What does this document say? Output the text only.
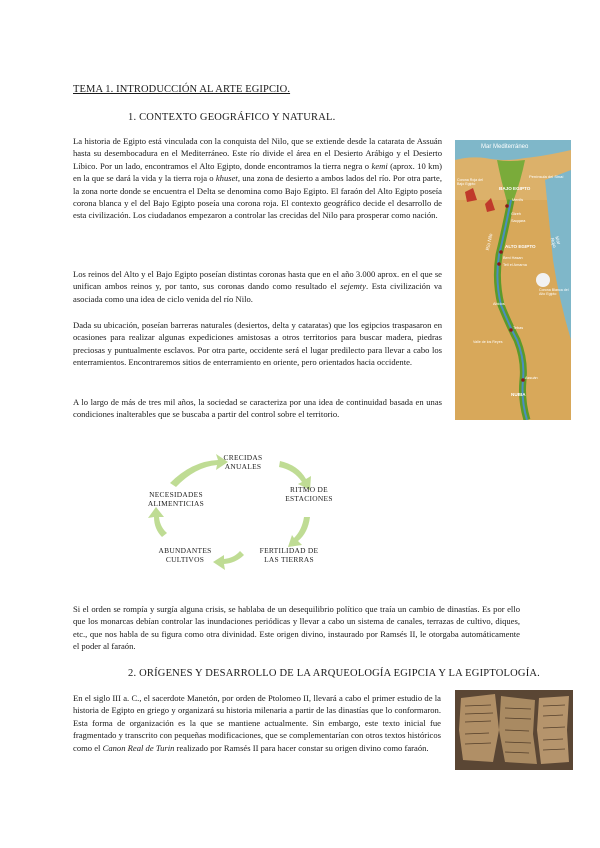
TEMA 1. INTRODUCCIÓN AL ARTE EGIPCIO.
1. CONTEXTO GEOGRÁFICO Y NATURAL.
La historia de Egipto está vinculada con la conquista del Nilo, que se extiende desde la catarata de Assuán hasta su desembocadura en el Mediterráneo. Este río divide el área en el Desierto Arábigo y el Desierto Líbico. Por un lado, encontramos el Alto Egipto, donde encontramos la tierra negra o kemi (aprox. 10 km) en la que se dará la vida y la tierra roja o khuset, una zona de desierto a ambos lados del río. Por otra parte, la zona norte donde se encuentra el Delta se denomina como Bajo Egipto. El faraón del Alto Egipto poseía corona blanca y el del Bajo Egipto poseía una corona roja. El contexto geográfico decide el desarrollo de esta civilización. Los ciudadanos empezaron a controlar las crecidas del Nilo para prosperar como nación.
Los reinos del Alto y el Bajo Egipto poseían distintas coronas hasta que en el año 3.000 aprox. en el que se unifican ambos reinos y, por tanto, sus coronas dando como resultado el sejemty. Esta civilización va asociada como una idea de ciclo venida del río Nilo.
Dada su ubicación, poseían barreras naturales (desiertos, delta y cataratas) que los egipcios traspasaron en ocasiones para realizar algunas expediciones amistosas a otros territorios para buscar madera, piedras preciosas y puntualmente esclavos. Por otra parte, occidente será el lugar predilecto para llevar a cabo los enterramientos. Encontraremos sitios de enterramiento en oriente, pero orientados hacia occidente.
A lo largo de más de tres mil años, la sociedad se caracteriza por una idea de continuidad basada en unas condiciones inalterables que se buscaba a partir del control sobre el territorio.
CRECIDAS ANUALES
RITMO DE ESTACIONES
FERTILIDAD DE LAS TIERRAS
ABUNDANTES CULTIVOS
NECESIDADES ALIMENTICIAS
Si el orden se rompía y surgía alguna crisis, se hablaba de un desequilibrio político que traía un cambio de dinastías. Es por ello que los monarcas debían controlar las inundaciones periódicas y llevar a cabo un sistema de canales, terrazas de cultivo, diques, etc., que nos habla de su figura como otra divinidad. Este origen divino, instaurado por Ramsés II, le otorgaba automáticamente el poder al faraón.
2. ORÍGENES Y DESARROLLO DE LA ARQUEOLOGÍA EGIPCIA Y LA EGIPTOLOGÍA.
En el siglo III a. C., el sacerdote Manetón, por orden de Ptolomeo II, llevará a cabo el primer estudio de la historia de Egipto en griego y organizará su historia milenaria a partir de las dinastías que lo conformaron. Esta forma de organización es la que se mantiene actualmente. Sin embargo, este texto inicial fue fragmentado y transcrito con pequeñas modificaciones, que se complementarían con otros textos históricos como el Canon Real de Turin realizado por Ramsés II para hacer constar su origen divino como faraón.
Mar Mediterráneo
BAJO EGIPTO
Península del Sinaí
Corona Roja del Bajo Egipto
ALTO EGIPTO
Beni Hasan
Tell el Amarna
Corona Blanca del Alto Egipto
Valle de los Reyes
Tebas
Assuán
NUBIA
Río Nilo	Mar Rojo
Menfis
Gizeh
Saqqara
Abidos
